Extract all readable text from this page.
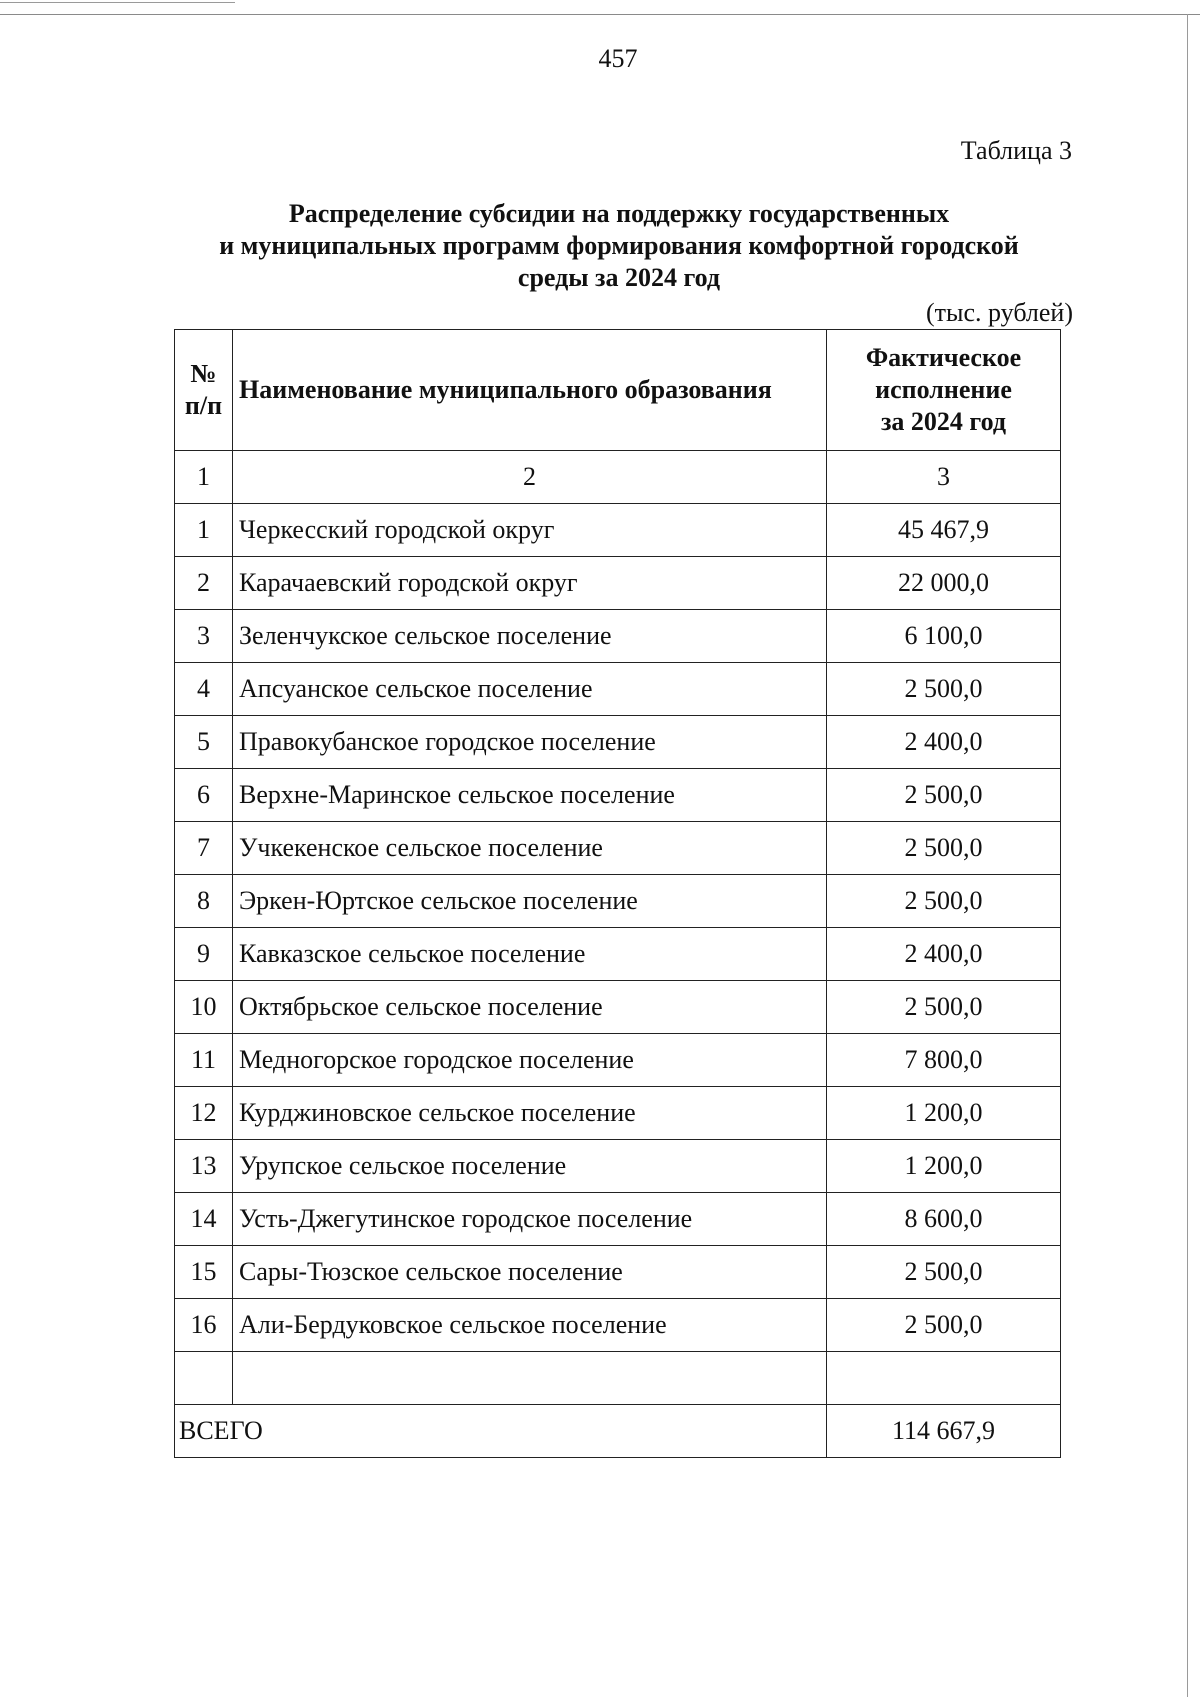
457
Таблица 3
Распределение субсидии на поддержку государственных
и муниципальных программ формирования комфортной городской
среды за 2024 год
(тыс. рублей)
№
п/п	Наименование муниципального образования	Фактическое
исполнение
за 2024 год

1	2	3
1	Черкесский городской округ	45 467,9
2	Карачаевский городской округ	22 000,0
3	Зеленчукское сельское поселение	6 100,0
4	Апсуанское сельское поселение	2 500,0
5	Правокубанское городское поселение	2 400,0
6	Верхне-Маринское сельское поселение	2 500,0
7	Учкекенское сельское поселение	2 500,0
8	Эркен-Юртское сельское поселение	2 500,0
9	Кавказское сельское поселение	2 400,0
10	Октябрьское сельское поселение	2 500,0
11	Медногорское городское поселение	7 800,0
12	Курджиновское сельское поселение	1 200,0
13	Урупское сельское поселение	1 200,0
14	Усть-Джегутинское городское поселение	8 600,0
15	Сары-Тюзское сельское поселение	2 500,0
16	Али-Бердуковское сельское поселение	2 500,0

ВСЕГО		114 667,9
